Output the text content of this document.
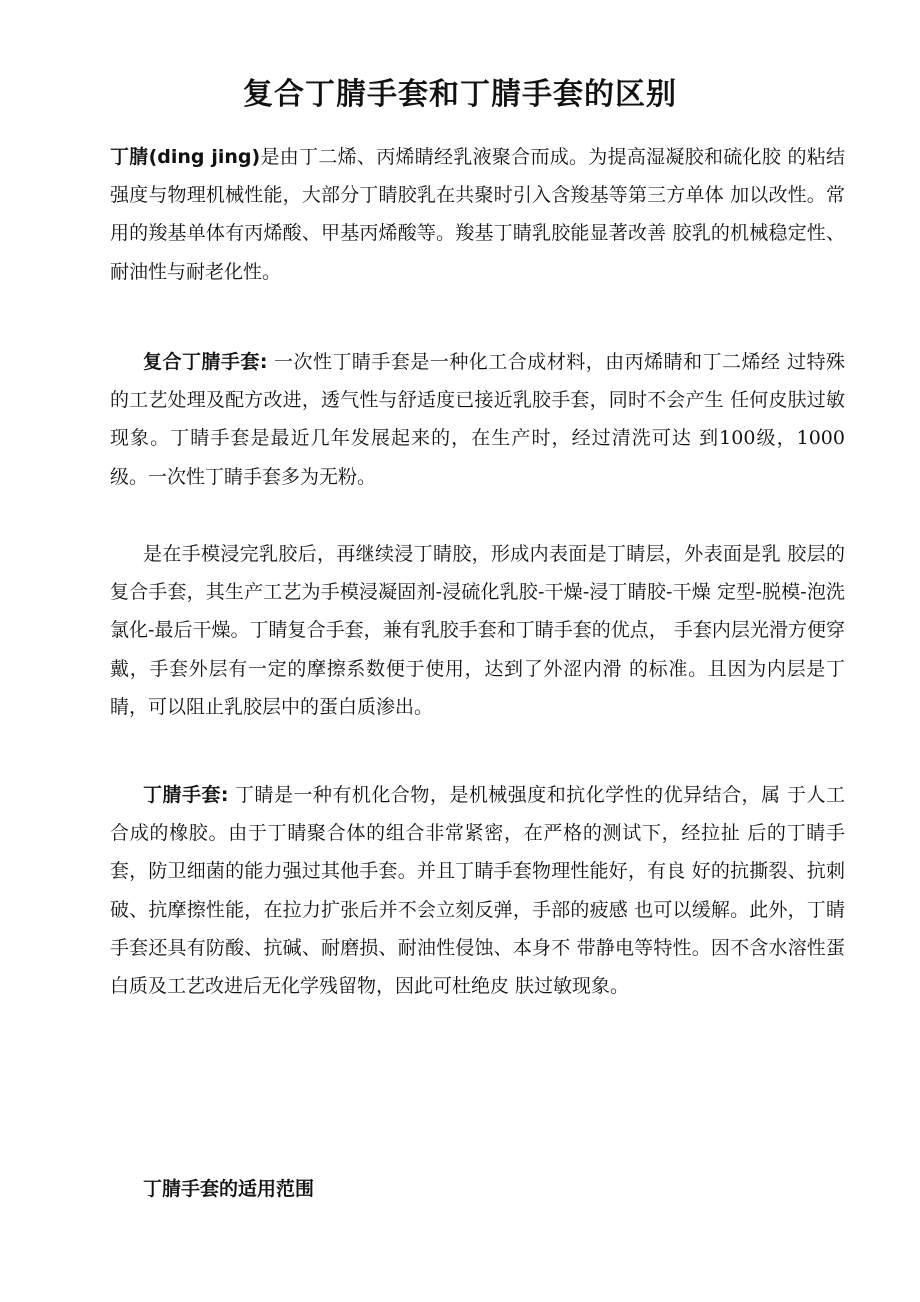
复合丁腈手套和丁腈手套的区别

丁腈(ding jing)是由丁二烯、丙烯睛经乳液聚合而成。为提高湿凝胶和硫化胶 的粘结强度与物理机械性能，大部分丁睛胶乳在共聚时引入含羧基等第三方单体 加以改性。常用的羧基单体有丙烯酸、甲基丙烯酸等。羧基丁睛乳胶能显著改善 胶乳的机械稳定性、耐油性与耐老化性。

复合丁腈手套: 一次性丁睛手套是一种化工合成材料，由丙烯睛和丁二烯经 过特殊的工艺处理及配方改进，透气性与舒适度已接近乳胶手套，同时不会产生 任何皮肤过敏现象。丁睛手套是最近几年发展起来的，在生产时，经过清洗可达 到100级，1000级。一次性丁睛手套多为无粉。

是在手模浸完乳胶后，再继续浸丁睛胶，形成内表面是丁睛层，外表面是乳 胶层的复合手套，其生产工艺为手模浸凝固剂-浸硫化乳胶-干燥-浸丁睛胶-干燥 定型-脱模-泡洗氯化-最后干燥。丁睛复合手套，兼有乳胶手套和丁睛手套的优点， 手套内层光滑方便穿戴，手套外层有一定的摩擦系数便于使用，达到了外涩内滑 的标准。且因为内层是丁睛，可以阻止乳胶层中的蛋白质渗出。

丁腈手套: 丁睛是一种有机化合物，是机械强度和抗化学性的优异结合，属 于人工合成的橡胶。由于丁睛聚合体的组合非常紧密，在严格的测试下，经拉扯 后的丁睛手套，防卫细菌的能力强过其他手套。并且丁睛手套物理性能好，有良 好的抗撕裂、抗刺破、抗摩擦性能，在拉力扩张后并不会立刻反弹，手部的疲感 也可以缓解。此外，丁睛手套还具有防酸、抗碱、耐磨损、耐油性侵蚀、本身不 带静电等特性。因不含水溶性蛋白质及工艺改进后无化学残留物，因此可杜绝皮 肤过敏现象。

丁腈手套的适用范围
